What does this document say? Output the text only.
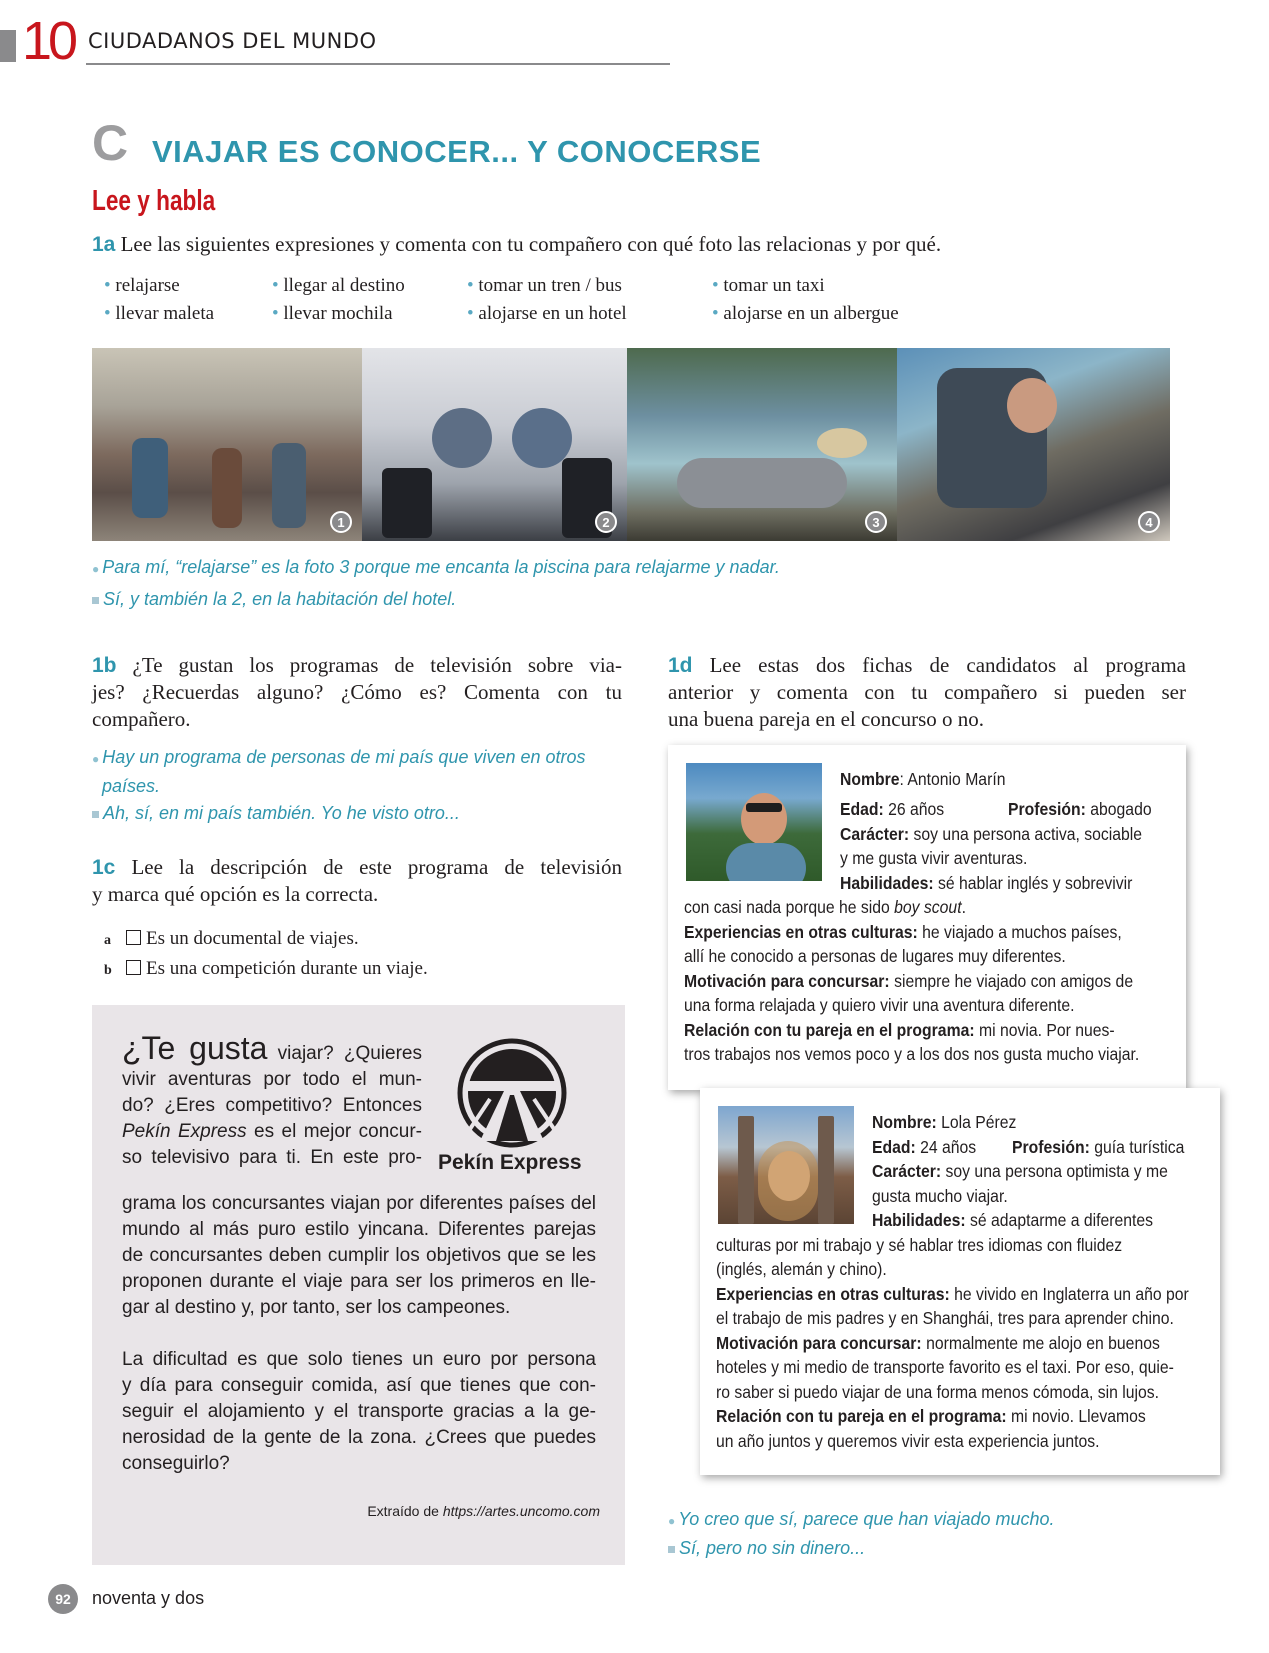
10 CIUDADANOS DEL MUNDO
C VIAJAR ES CONOCER... Y CONOCERSE
Lee y habla
1a Lee las siguientes expresiones y comenta con tu compañero con qué foto las relacionas y por qué.
• relajarse
• llevar maleta
• llegar al destino
• llevar mochila
• tomar un tren / bus
• alojarse en un hotel
• tomar un taxi
• alojarse en un albergue
1	2	3	4
● Para mí, “relajarse” es la foto 3 porque me encanta la piscina para relajarme y nadar.
Sí, y también la 2, en la habitación del hotel.
1b ¿Te gustan los programas de televisión sobre via-
jes? ¿Recuerdas alguno? ¿Cómo es? Comenta con tu
compañero.
● Hay un programa de personas de mi país que viven en otros
países.
Ah, sí, en mi país también. Yo he visto otro...
1c Lee la descripción de este programa de televisión
y marca qué opción es la correcta.
a Es un documental de viajes.
b Es una competición durante un viaje.
¿Te gusta viajar? ¿Quieres
vivir aventuras por todo el mun-
do? ¿Eres competitivo? Entonces
Pekín Express es el mejor concur-
so televisivo para ti. En este pro-
grama los concursantes viajan por diferentes países del
mundo al más puro estilo yincana. Diferentes parejas
de concursantes deben cumplir los objetivos que se les
proponen durante el viaje para ser los primeros en lle-
gar al destino y, por tanto, ser los campeones.
La dificultad es que solo tienes un euro por persona
y día para conseguir comida, así que tienes que con-
seguir el alojamiento y el transporte gracias a la ge-
nerosidad de la gente de la zona. ¿Crees que puedes
conseguirlo?
Pekín Express
Extraído de https://artes.uncomo.com
1d Lee estas dos fichas de candidatos al programa
anterior y comenta con tu compañero si pueden ser
una buena pareja en el concurso o no.
Nombre: Antonio Marín
Edad: 26 años	Profesión: abogado
Carácter: soy una persona activa, sociable
y me gusta vivir aventuras.
Habilidades: sé hablar inglés y sobrevivir
con casi nada porque he sido boy scout.
Experiencias en otras culturas: he viajado a muchos países,
allí he conocido a personas de lugares muy diferentes.
Motivación para concursar: siempre he viajado con amigos de
una forma relajada y quiero vivir una aventura diferente.
Relación con tu pareja en el programa: mi novia. Por nues-
tros trabajos nos vemos poco y a los dos nos gusta mucho viajar.
Nombre: Lola Pérez
Edad: 24 años Profesión: guía turística
Carácter: soy una persona optimista y me
gusta mucho viajar.
Habilidades: sé adaptarme a diferentes
culturas por mi trabajo y sé hablar tres idiomas con fluidez
(inglés, alemán y chino).
Experiencias en otras culturas: he vivido en Inglaterra un año por
el trabajo de mis padres y en Shanghái, tres para aprender chino.
Motivación para concursar: normalmente me alojo en buenos
hoteles y mi medio de transporte favorito es el taxi. Por eso, quie-
ro saber si puedo viajar de una forma menos cómoda, sin lujos.
Relación con tu pareja en el programa: mi novio. Llevamos
un año juntos y queremos vivir esta experiencia juntos.
● Yo creo que sí, parece que han viajado mucho.
Sí, pero no sin dinero...
92	noventa y dos
